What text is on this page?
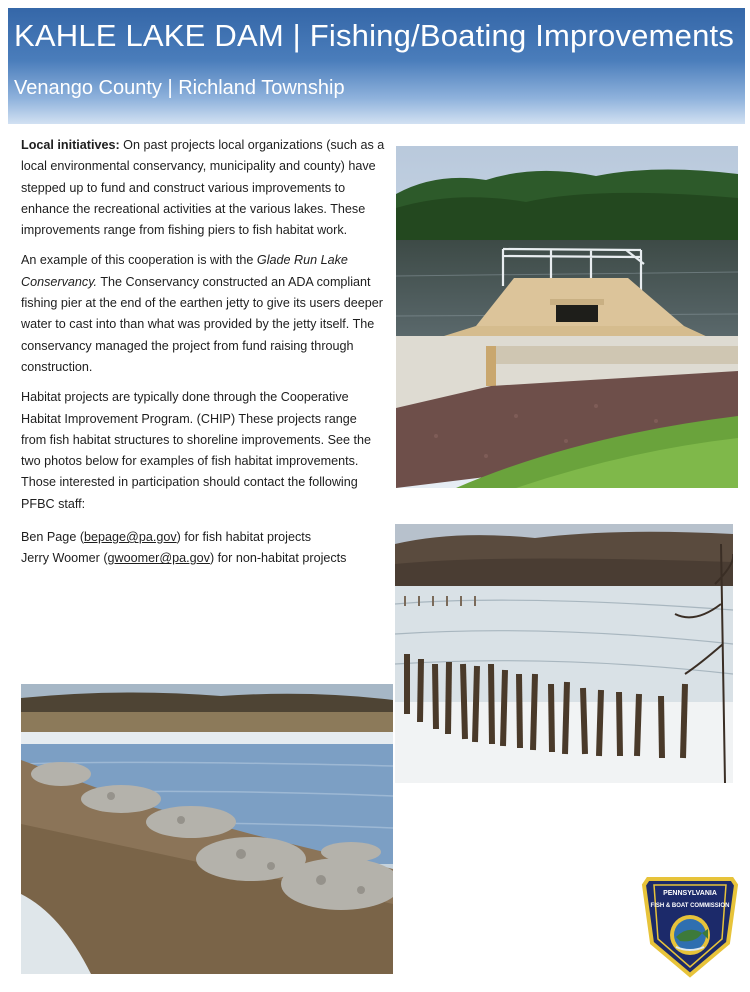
KAHLE LAKE DAM | Fishing/Boating Improvements
Venango County | Richland Township

Local initiatives: On past projects local organizations (such as a local environmental conservancy, municipality and county) have stepped up to fund and construct various improvements to enhance the recreational activities at the various lakes. These improvements range from fishing piers to fish habitat work.

An example of this cooperation is with the Glade Run Lake Conservancy. The Conservancy constructed an ADA compliant fishing pier at the end of the earthen jetty to give its users deeper water to cast into than what was provided by the jetty itself. The conservancy managed the project from fund raising through construction.

Habitat projects are typically done through the Cooperative Habitat Improvement Program. (CHIP) These projects range from fish habitat structures to shoreline improvements. See the two photos below for examples of fish habitat improvements. Those interested in participation should contact the following PFBC staff:

Ben Page (bepage@pa.gov) for fish habitat projects
Jerry Woomer (gwoomer@pa.gov) for non-habitat projects
PENNSYLVANIA
FISH & BOAT COMMISSION
